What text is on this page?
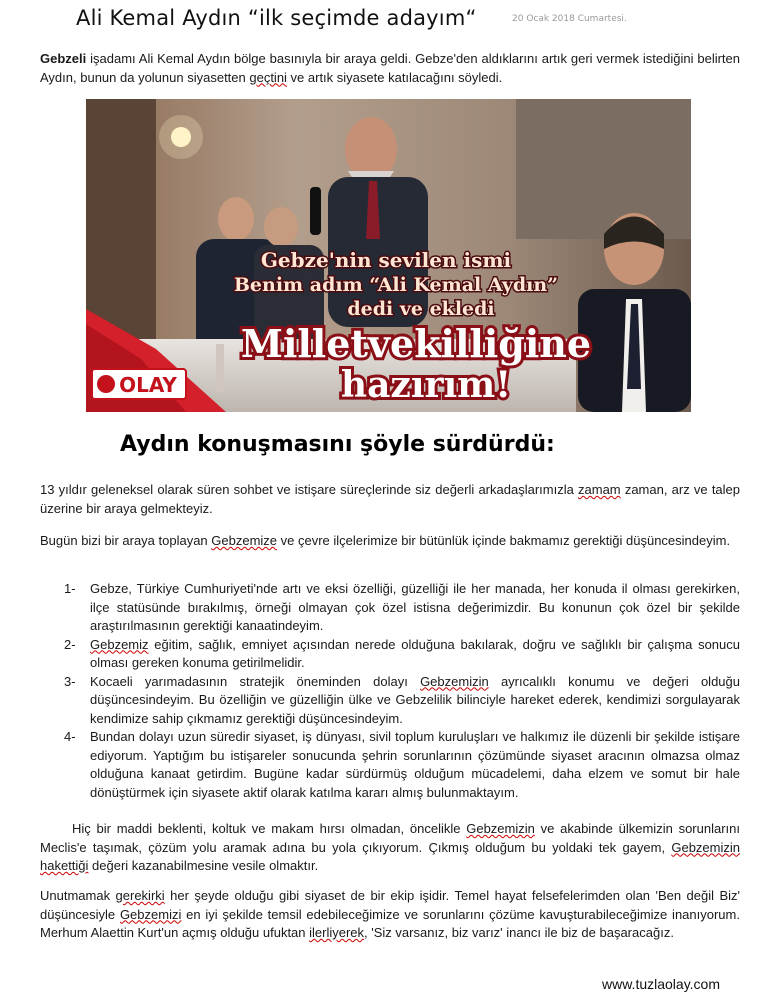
Ali Kemal Aydın “ilk seçimde adayım“	20 Ocak 2018 Cumartesi.
Gebzeli işadamı Ali Kemal Aydın bölge basınıyla bir araya geldi. Gebze'den aldıklarını artık geri vermek istediğini belirten Aydın, bunun da yolunun siyasetten geçtini ve artık siyasete katılacağını söyledi.
Gebze'nin sevilen ismi
Benim adım “Ali Kemal Aydın”
dedi ve ekledi
Milletvekilliğine
hazırım!
OLAY
Aydın konuşmasını şöyle sürdürdü:
13 yıldır geleneksel olarak süren sohbet ve istişare süreçlerinde siz değerli arkadaşlarımızla zamam zaman, arz ve talep üzerine bir araya gelmekteyiz.
Bugün bizi bir araya toplayan Gebzemize ve çevre ilçelerimize bir bütünlük içinde bakmamız gerektiği düşüncesindeyim.
1- Gebze, Türkiye Cumhuriyeti'nde artı ve eksi özelliği, güzelliği ile her manada, her konuda il olması gerekirken, ilçe statüsünde bırakılmış, örneği olmayan çok özel istisna değerimizdir. Bu konunun çok özel bir şekilde araştırılmasının gerektiği kanaatindeyim.
2- Gebzemiz eğitim, sağlık, emniyet açısından nerede olduğuna bakılarak, doğru ve sağlıklı bir çalışma sonucu olması gereken konuma getirilmelidir.
3- Kocaeli yarımadasının stratejik öneminden dolayı Gebzemizin ayrıcalıklı konumu ve değeri olduğu düşüncesindeyim. Bu özelliğin ve güzelliğin ülke ve Gebzelilik bilinciyle hareket ederek, kendimizi sorgulayarak kendimize sahip çıkmamız gerektiği düşüncesindeyim.
4- Bundan dolayı uzun süredir siyaset, iş dünyası, sivil toplum kuruluşları ve halkımız ile düzenli bir şekilde istişare ediyorum. Yaptığım bu istişareler sonucunda şehrin sorunlarının çözümünde siyaset aracının olmazsa olmaz olduğuna kanaat getirdim. Bugüne kadar sürdürmüş olduğum mücadelemi, daha elzem ve somut bir hale dönüştürmek için siyasete aktif olarak katılma kararı almış bulunmaktayım.
Hiç bir maddi beklenti, koltuk ve makam hırsı olmadan, öncelikle Gebzemizin ve akabinde ülkemizin sorunlarını Meclis'e taşımak, çözüm yolu aramak adına bu yola çıkıyorum. Çıkmış olduğum bu yoldaki tek gayem, Gebzemizin hakettiği değeri kazanabilmesine vesile olmaktır.
Unutmamak gerekirki her şeyde olduğu gibi siyaset de bir ekip işidir. Temel hayat felsefelerimden olan 'Ben değil Biz' düşüncesiyle Gebzemizi en iyi şekilde temsil edebileceğimize ve sorunlarını çözüme kavuşturabileceğimize inanıyorum. Merhum Alaettin Kurt'un açmış olduğu ufuktan ilerliyerek, 'Siz varsanız, biz varız' inancı ile biz de başaracağız.
www.tuzlaolay.com
